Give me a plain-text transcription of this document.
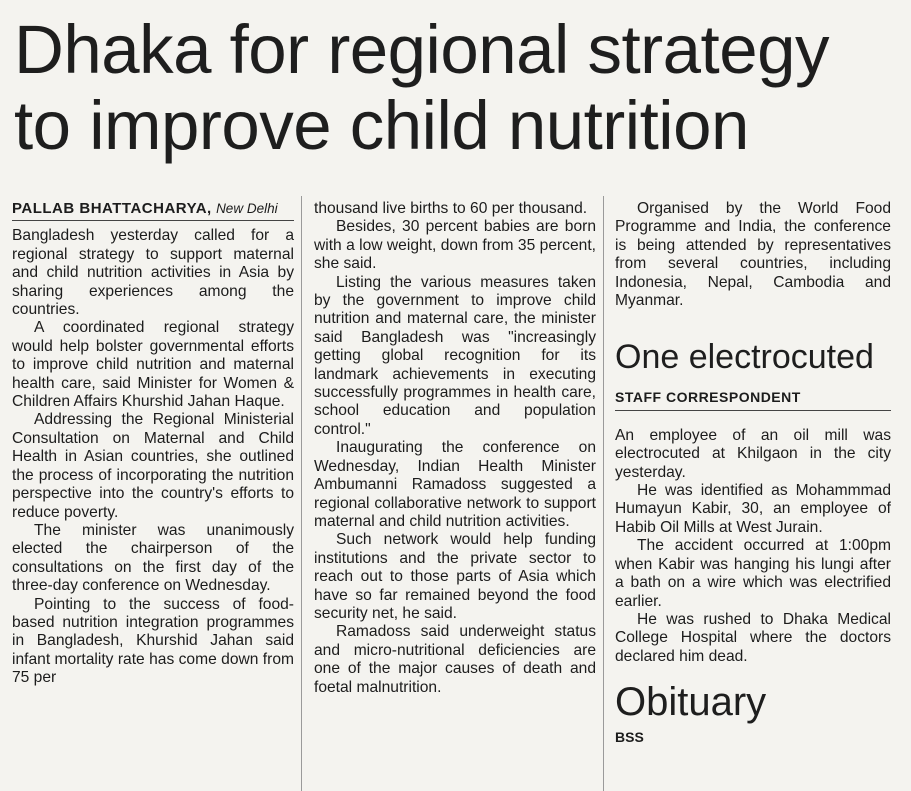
Dhaka for regional strategy to improve child nutrition
PALLAB BHATTACHARYA, New Delhi

Bangladesh yesterday called for a regional strategy to support maternal and child nutrition activities in Asia by sharing experiences among the countries.

A coordinated regional strategy would help bolster governmental efforts to improve child nutrition and maternal health care, said Minister for Women & Children Affairs Khurshid Jahan Haque.

Addressing the Regional Ministerial Consultation on Maternal and Child Health in Asian countries, she outlined the process of incorporating the nutrition perspective into the country's efforts to reduce poverty.

The minister was unanimously elected the chairperson of the consultations on the first day of the three-day conference on Wednesday.

Pointing to the success of food-based nutrition integration programmes in Bangladesh, Khurshid Jahan said infant mortality rate has come down from 75 per

thousand live births to 60 per thousand.

Besides, 30 percent babies are born with a low weight, down from 35 percent, she said.

Listing the various measures taken by the government to improve child nutrition and maternal care, the minister said Bangladesh was "increasingly getting global recognition for its landmark achievements in executing successfully programmes in health care, school education and population control."

Inaugurating the conference on Wednesday, Indian Health Minister Ambumanni Ramadoss suggested a regional collaborative network to support maternal and child nutrition activities.

Such network would help funding institutions and the private sector to reach out to those parts of Asia which have so far remained beyond the food security net, he said.

Ramadoss said underweight status and micro-nutritional deficiencies are one of the major causes of death and foetal malnutrition.

Organised by the World Food Programme and India, the conference is being attended by representatives from several countries, including Indonesia, Nepal, Cambodia and Myanmar.

One electrocuted
STAFF CORRESPONDENT

An employee of an oil mill was electrocuted at Khilgaon in the city yesterday.

He was identified as Mohammmad Humayun Kabir, 30, an employee of Habib Oil Mills at West Jurain.

The accident occurred at 1:00pm when Kabir was hanging his lungi after a bath on a wire which was electrified earlier.

He was rushed to Dhaka Medical College Hospital where the doctors declared him dead.

Obituary
BSS
